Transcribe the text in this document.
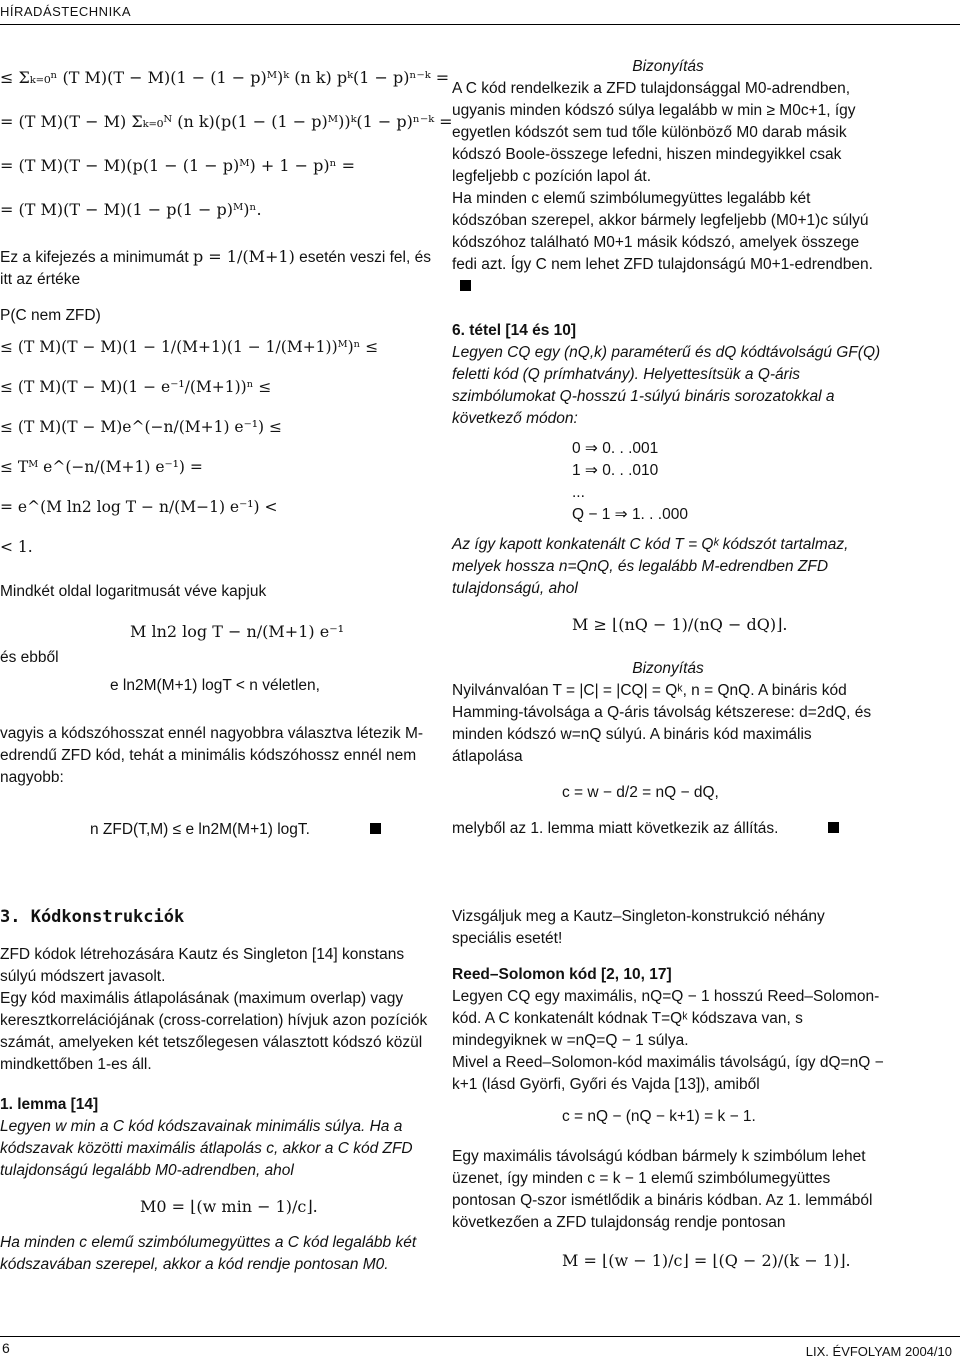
HÍRADÁSTECHNIKA
≤ Σₖ₌₀ⁿ (T M)(T − M)(1 − (1 − p)ᴹ)ᵏ (n k) pᵏ(1 − p)ⁿ⁻ᵏ =
= (T M)(T − M) Σₖ₌₀ᴺ (n k)(p(1 − (1 − p)ᴹ))ᵏ(1 − p)ⁿ⁻ᵏ =
= (T M)(T − M)(p(1 − (1 − p)ᴹ) + 1 − p)ⁿ =
= (T M)(T − M)(1 − p(1 − p)ᴹ)ⁿ.

Ez a kifejezés a minimumát p = 1/(M+1) esetén veszi fel, és itt az értéke

P(C nem ZFD)

≤ (T M)(T − M)(1 − 1/(M+1)(1 − 1/(M+1))ᴹ)ⁿ ≤
≤ (T M)(T − M)(1 − e⁻¹/(M+1))ⁿ ≤
≤ (T M)(T − M)e^(−n/(M+1) e⁻¹) ≤
≤ Tᴹ e^(−n/(M+1) e⁻¹) =
= e^(M ln2 log T − n/(M−1) e⁻¹) <
< 1.

Mindkét oldal logaritmusát véve kapjuk

M ln2 log T − n/(M+1) e⁻¹

és ebből

e ln2M(M+1) logT < n véletlen,

vagyis a kódszóhosszat ennél nagyobbra választva létezik M-edrendű ZFD kód, tehát a minimális kódszóhossz ennél nem nagyobb:

n ZFD(T,M) ≤ e ln2M(M+1) logT.

Bizonyítás

A C kód rendelkezik a ZFD tulajdonsággal M0-adrendben, ugyanis minden kódszó súlya legalább w min ≥ M0c+1, így egyetlen kódszót sem tud tőle különböző M0 darab másik kódszó Boole-összege lefedni, hiszen mindegyikkel csak legfeljebb c pozíción lapol át.

Ha minden c elemű szimbólumegyüttes legalább két kódszóban szerepel, akkor bármely legfeljebb (M0+1)c súlyú kódszóhoz található M0+1 másik kódszó, amelyek összege fedi azt. Így C nem lehet ZFD tulajdonságú M0+1-edrendben.

6. tétel [14 és 10]

Legyen CQ egy (nQ,k) paraméterű és dQ kódtávolságú GF(Q) feletti kód (Q prímhatvány). Helyettesítsük a Q-áris szimbólumokat Q-hosszú 1-súlyú bináris sorozatokkal a következő módon:

0 ⇒ 0. . .001
1 ⇒ 0. . .010
...
Q − 1 ⇒ 1. . .000

Az így kapott konkatenált C kód T = Qᵏ kódszót tartalmaz, melyek hossza n=QnQ, és legalább M-edrendben ZFD tulajdonságú, ahol

M ≥ ⌊(nQ − 1)/(nQ − dQ)⌋.

Bizonyítás

Nyilvánvalóan T = |C| = |CQ| = Qᵏ, n = QnQ. A bináris kód Hamming-távolsága a Q-áris távolság kétszerese: d=2dQ, és minden kódszó w=nQ súlyú. A bináris kód maximális átlapolása

c = w − d/2 = nQ − dQ,

melyből az 1. lemma miatt következik az állítás.

3. Kódkonstrukciók

ZFD kódok létrehozására Kautz és Singleton [14] konstans súlyú módszert javasolt.

Egy kód maximális átlapolásának (maximum overlap) vagy keresztkorrelációjának (cross-correlation) hívjuk azon pozíciók számát, amelyeken két tetszőlegesen választott kódszó közül mindkettőben 1-es áll.

1. lemma [14]

Legyen w min a C kód kódszavainak minimális súlya. Ha a kódszavak közötti maximális átlapolás c, akkor a C kód ZFD tulajdonságú legalább M0-adrendben, ahol

M0 = ⌊(w min − 1)/c⌋.

Ha minden c elemű szimbólumegyüttes a C kód legalább két kódszavában szerepel, akkor a kód rendje pontosan M0.

Vizsgáljuk meg a Kautz–Singleton-konstrukció néhány speciális esetét!

Reed–Solomon kód [2, 10, 17]

Legyen CQ egy maximális, nQ=Q − 1 hosszú Reed–Solomon-kód. A C konkatenált kódnak T=Qᵏ kódszava van, s mindegyiknek w =nQ=Q − 1 súlya.

Mivel a Reed–Solomon-kód maximális távolságú, így dQ=nQ − k+1 (lásd Györfi, Győri és Vajda [13]), amiből

c = nQ − (nQ − k+1) = k − 1.

Egy maximális távolságú kódban bármely k szimbólum lehet üzenet, így minden c = k − 1 elemű szimbólumegyüttes pontosan Q-szor ismétlődik a bináris kódban. Az 1. lemmából következően a ZFD tulajdonság rendje pontosan

M = ⌊(w − 1)/c⌋ = ⌊(Q − 2)/(k − 1)⌋.

6	LIX. ÉVFOLYAM 2004/10
